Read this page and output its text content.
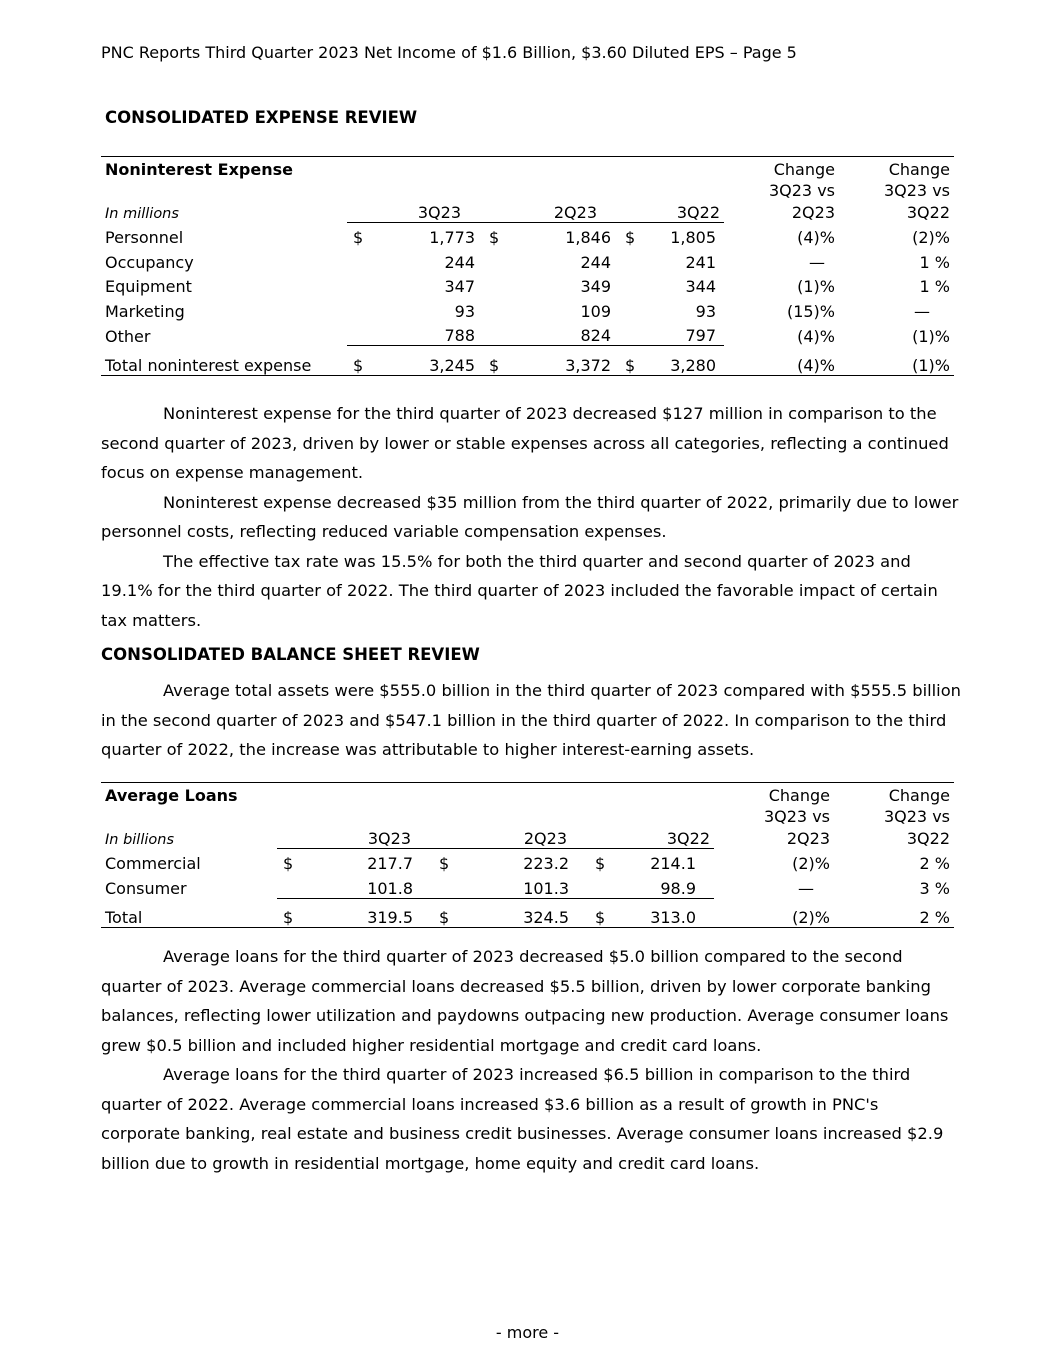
PNC Reports Third Quarter 2023 Net Income of $1.6 Billion, $3.60 Diluted EPS – Page 5
CONSOLIDATED EXPENSE REVIEW
Noninterest Expense							Change	Change
							3Q23 vs	3Q23 vs
In millions		3Q23		2Q23		3Q22	2Q23	3Q22
Personnel	$	1,773	$	1,846	$	1,805	(4)%	(2)%
Occupancy		244		244		241	—	1 %
Equipment		347		349		344	(1)%	1 %
Marketing		93		109		93	(15)%	—
Other		788		824		797	(4)%	(1)%
Total noninterest expense	$	3,245	$	3,372	$	3,280	(4)%	(1)%

Noninterest expense for the third quarter of 2023 decreased $127 million in comparison to the second quarter of 2023, driven by lower or stable expenses across all categories, reflecting a continued focus on expense management.

Noninterest expense decreased $35 million from the third quarter of 2022, primarily due to lower personnel costs, reflecting reduced variable compensation expenses.

The effective tax rate was 15.5% for both the third quarter and second quarter of 2023 and 19.1% for the third quarter of 2022. The third quarter of 2023 included the favorable impact of certain tax matters.

CONSOLIDATED BALANCE SHEET REVIEW

Average total assets were $555.0 billion in the third quarter of 2023 compared with $555.5 billion in the second quarter of 2023 and $547.1 billion in the third quarter of 2022. In comparison to the third quarter of 2022, the increase was attributable to higher interest-earning assets.

Average Loans							Change	Change
							3Q23 vs	3Q23 vs
In billions		3Q23		2Q23		3Q22	2Q23	3Q22
Commercial	$	217.7	$	223.2	$	214.1	(2)%	2 %
Consumer		101.8		101.3		98.9	—	3 %
Total	$	319.5	$	324.5	$	313.0	(2)%	2 %

Average loans for the third quarter of 2023 decreased $5.0 billion compared to the second quarter of 2023. Average commercial loans decreased $5.5 billion, driven by lower corporate banking balances, reflecting lower utilization and paydowns outpacing new production. Average consumer loans grew $0.5 billion and included higher residential mortgage and credit card loans.

Average loans for the third quarter of 2023 increased $6.5 billion in comparison to the third quarter of 2022. Average commercial loans increased $3.6 billion as a result of growth in PNC's corporate banking, real estate and business credit businesses. Average consumer loans increased $2.9 billion due to growth in residential mortgage, home equity and credit card loans.

- more -
